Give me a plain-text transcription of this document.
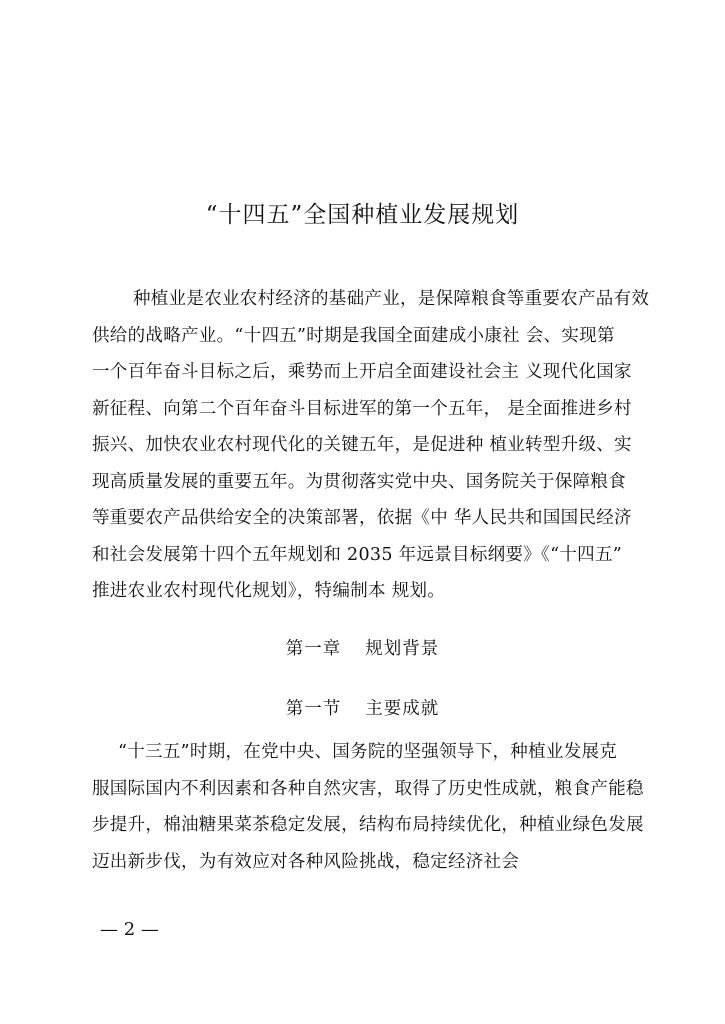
“十四五”全国种植业发展规划
种植业是农业农村经济的基础产业，是保障粮食等重要农产品有效
供给的战略产业。“十四五”时期是我国全面建成小康社 会、实现第
一个百年奋斗目标之后，乘势而上开启全面建设社会主 义现代化国家
新征程、向第二个百年奋斗目标进军的第一个五年， 是全面推进乡村
振兴、加快农业农村现代化的关键五年，是促进种 植业转型升级、实
现高质量发展的重要五年。为贯彻落实党中央、国务院关于保障粮食
等重要农产品供给安全的决策部署，依据《中 华人民共和国国民经济
和社会发展第十四个五年规划和 2035 年远景目标纲要》《“十四五”
推进农业农村现代化规划》，特编制本 规划。
第一章 规划背景
第一节 主要成就
“十三五”时期，在党中央、国务院的坚强领导下，种植业发展克
服国际国内不利因素和各种自然灾害，取得了历史性成就，粮食产能稳
步提升，棉油糖果菜茶稳定发展，结构布局持续优化，种植业绿色发展
迈出新步伐，为有效应对各种风险挑战，稳定经济社会
— 2 —
